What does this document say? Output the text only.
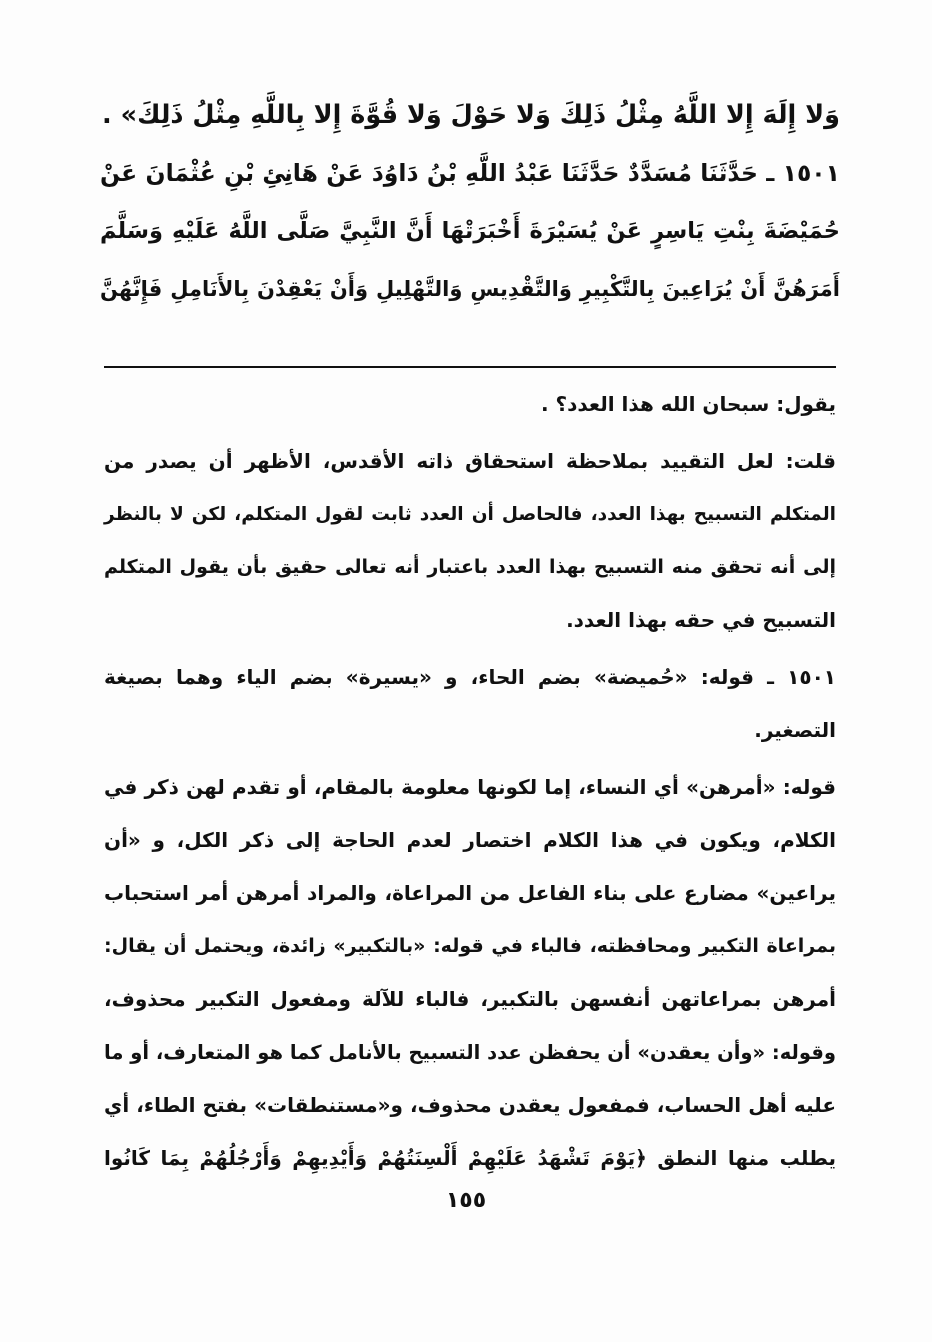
وَلا إِلَهَ إِلا اللَّهُ مِثْلُ ذَلِكَ وَلا حَوْلَ وَلا قُوَّةَ إِلا بِاللَّهِ مِثْلُ ذَلِكَ» .
١٥٠١ ـ حَدَّثَنَا مُسَدَّدٌ حَدَّثَنَا عَبْدُ اللَّهِ بْنُ دَاوُدَ عَنْ هَانِئِ بْنِ عُثْمَانَ عَنْ
حُمَيْضَةَ بِنْتِ يَاسِرٍ عَنْ يُسَيْرَةَ أَخْبَرَتْهَا أَنَّ النَّبِيَّ صَلَّى اللَّهُ عَلَيْهِ وَسَلَّمَ
أَمَرَهُنَّ أَنْ يُرَاعِينَ بِالتَّكْبِيرِ وَالتَّقْدِيسِ وَالتَّهْلِيلِ وَأَنْ يَعْقِدْنَ بِالأَنَامِلِ فَإِنَّهُنَّ
يقول: سبحان الله هذا العدد؟ .
قلت: لعل التقييد بملاحظة استحقاق ذاته الأقدس، الأظهر أن يصدر من
المتكلم التسبيح بهذا العدد، فالحاصل أن العدد ثابت لقول المتكلم، لكن لا بالنظر
إلى أنه تحقق منه التسبيح بهذا العدد باعتبار أنه تعالى حقيق بأن يقول المتكلم
التسبيح في حقه بهذا العدد.
١٥٠١ ـ قوله: «حُميضة» بضم الحاء، و «يسيرة» بضم الياء وهما بصيغة
التصغير.
قوله: «أمرهن» أي النساء، إما لكونها معلومة بالمقام، أو تقدم لهن ذكر في
الكلام، ويكون في هذا الكلام اختصار لعدم الحاجة إلى ذكر الكل، و «أن
يراعين» مضارع على بناء الفاعل من المراعاة، والمراد أمرهن أمر استحباب
بمراعاة التكبير ومحافظته، فالباء في قوله: «بالتكبير» زائدة، ويحتمل أن يقال:
أمرهن بمراعاتهن أنفسهن بالتكبير، فالباء للآلة ومفعول التكبير محذوف،
وقوله: «وأن يعقدن» أن يحفظن عدد التسبيح بالأنامل كما هو المتعارف، أو ما
عليه أهل الحساب، فمفعول يعقدن محذوف، و«مستنطقات» بفتح الطاء، أي
يطلب منها النطق ﴿يَوْمَ تَشْهَدُ عَلَيْهِمْ أَلْسِنَتُهُمْ وَأَيْدِيهِمْ وَأَرْجُلُهُمْ بِمَا كَانُوا
١٥٥
